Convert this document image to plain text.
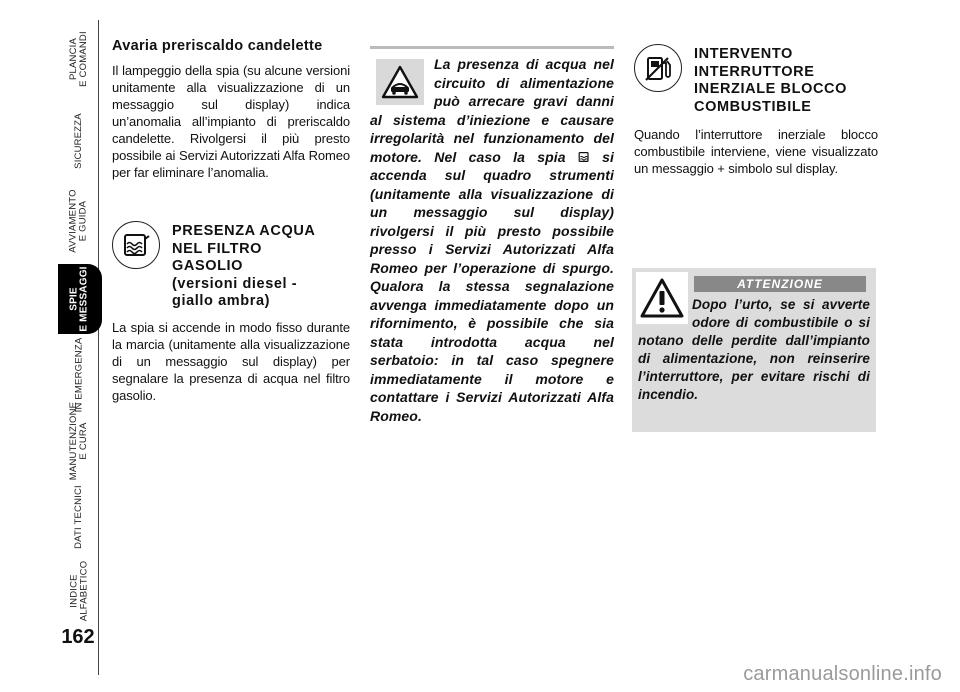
PLANCIA
E COMANDI
SICUREZZA
AVVIAMENTO
E GUIDA
SPIE
E MESSAGGI
IN EMERGENZA
MANUTENZIONE
E CURA
DATI TECNICI
INDICE
ALFABETICO
162

Avaria preriscaldo candelette

Il lampeggio della spia (su alcune versioni unitamente alla visualizzazione di un messaggio sul display) indica un’anomalia all’impianto di preriscaldo candelette. Rivolgersi il più presto possibile ai Servizi Autorizzati Alfa Romeo per far eliminare l’anomalia.

PRESENZA ACQUA

NEL FILTRO

GASOLIO

(versioni diesel -

giallo ambra)

La spia si accende in modo fisso durante la marcia (unitamente alla visualizzazione di un messaggio sul display) per segnalare la presenza di acqua nel filtro gasolio.

La presenza di acqua nel circuito di alimentazione può arrecare gravi danni al sistema d’iniezione e causare irregolarità nel funzionamento del motore. Nel caso la spia  si accenda sul quadro strumenti (unitamente alla visualizzazione di un messaggio sul display) rivolgersi il più presto possibile presso i Servizi Autorizzati Alfa Romeo per l’operazione di spurgo. Qualora la stessa segnalazione avvenga immediatamente dopo un rifornimento, è possibile che sia stata introdotta acqua nel serbatoio: in tal caso spegnere immediatamente il motore e contattare i Servizi Autorizzati Alfa Romeo.

INTERVENTO

INTERRUTTORE

INERZIALE BLOCCO

COMBUSTIBILE

Quando l’interruttore inerziale blocco combustibile interviene, viene visualizzato un messaggio + simbolo sul display.

ATTENZIONE

Dopo l’urto, se si avverte odore di combustibile o si notano delle perdite dall’impianto di alimentazione, non reinserire l’interruttore, per evitare rischi di incendio.

carmanualsonline.info
